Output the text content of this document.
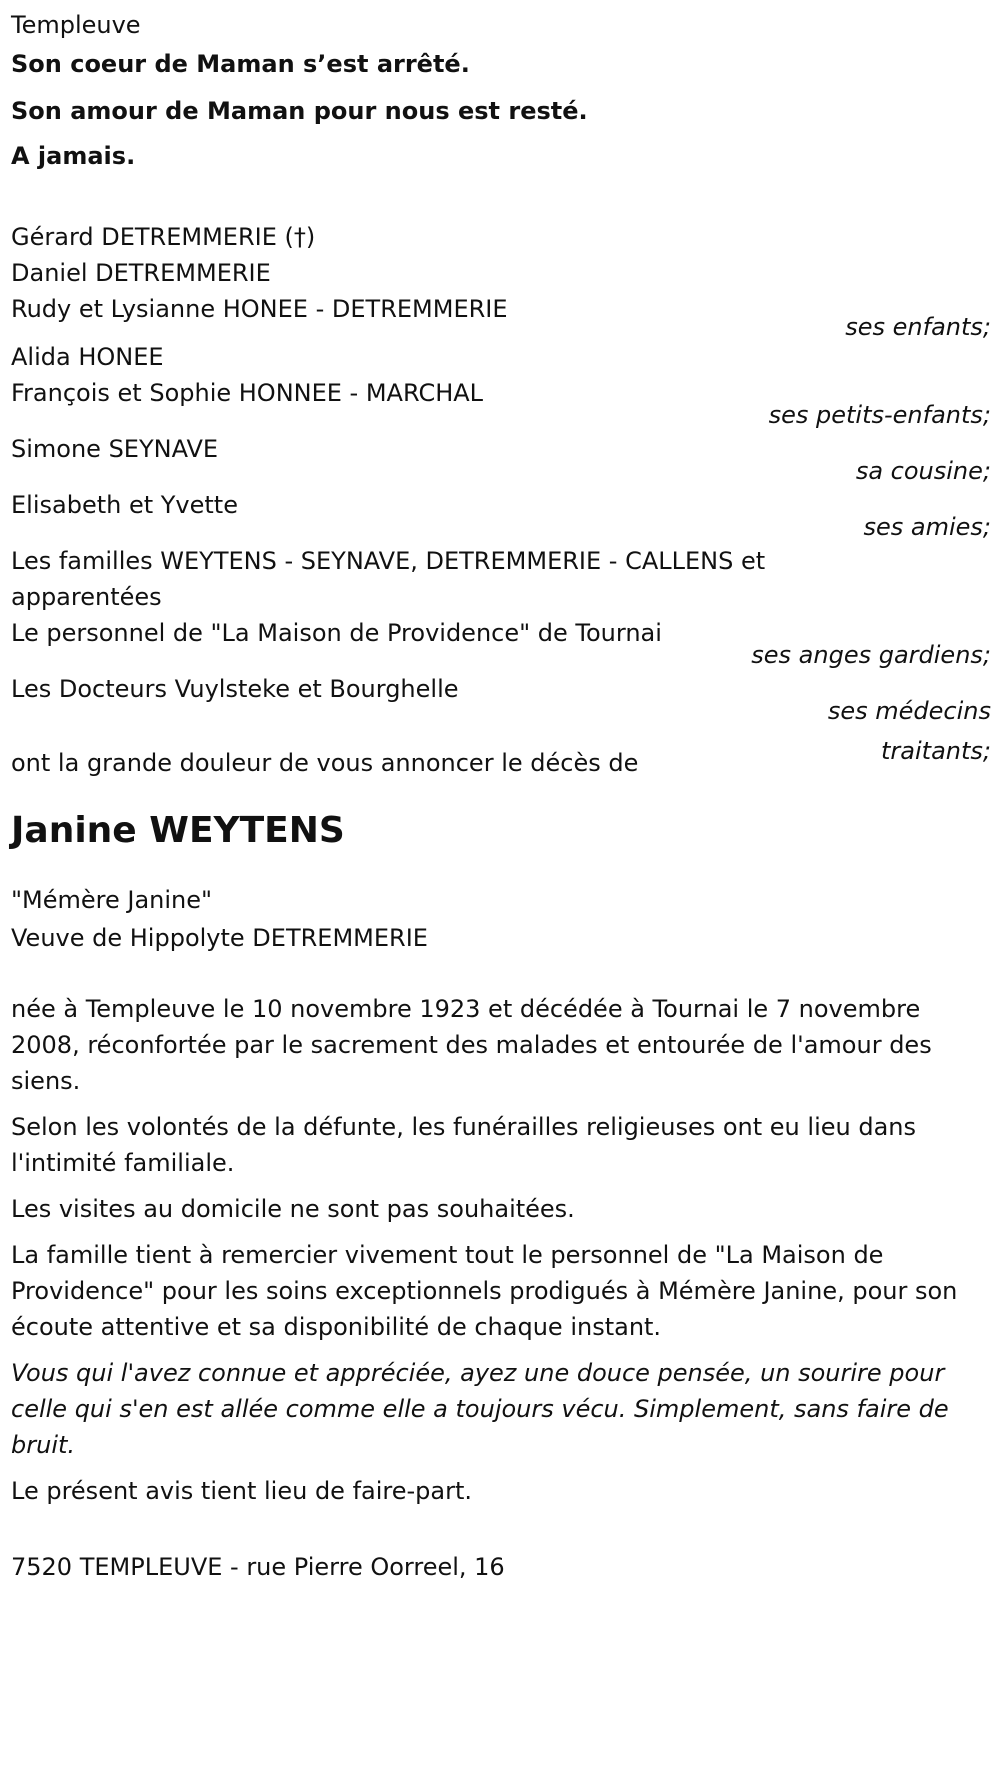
Templeuve
Son coeur de Maman s’est arrêté.
Son amour de Maman pour nous est resté.
A jamais.
Gérard DETREMMERIE (†)
Daniel DETREMMERIE
Rudy et Lysianne HONEE - DETREMMERIE
ses enfants;
Alida HONEE
François et Sophie HONNEE - MARCHAL
ses petits-enfants;
Simone SEYNAVE
sa cousine;
Elisabeth et Yvette
ses amies;
Les familles WEYTENS - SEYNAVE, DETREMMERIE - CALLENS et apparentées
Le personnel de "La Maison de Providence" de Tournai
ses anges gardiens;
Les Docteurs Vuylsteke et Bourghelle
ses médecins traitants;
ont la grande douleur de vous annoncer le décès de
Janine WEYTENS
"Mémère Janine"
Veuve de Hippolyte DETREMMERIE
née à Templeuve le 10 novembre 1923 et décédée à Tournai le 7 novembre 2008, réconfortée par le sacrement des malades et entourée de l'amour des siens.
Selon les volontés de la défunte, les funérailles religieuses ont eu lieu dans l'intimité familiale.
Les visites au domicile ne sont pas souhaitées.
La famille tient à remercier vivement tout le personnel de "La Maison de Providence" pour les soins exceptionnels prodigués à Mémère Janine, pour son écoute attentive et sa disponibilité de chaque instant.
Vous qui l'avez connue et appréciée, ayez une douce pensée, un sourire pour celle qui s'en est allée comme elle a toujours vécu. Simplement, sans faire de bruit.
Le présent avis tient lieu de faire-part.
7520 TEMPLEUVE - rue Pierre Oorreel, 16
